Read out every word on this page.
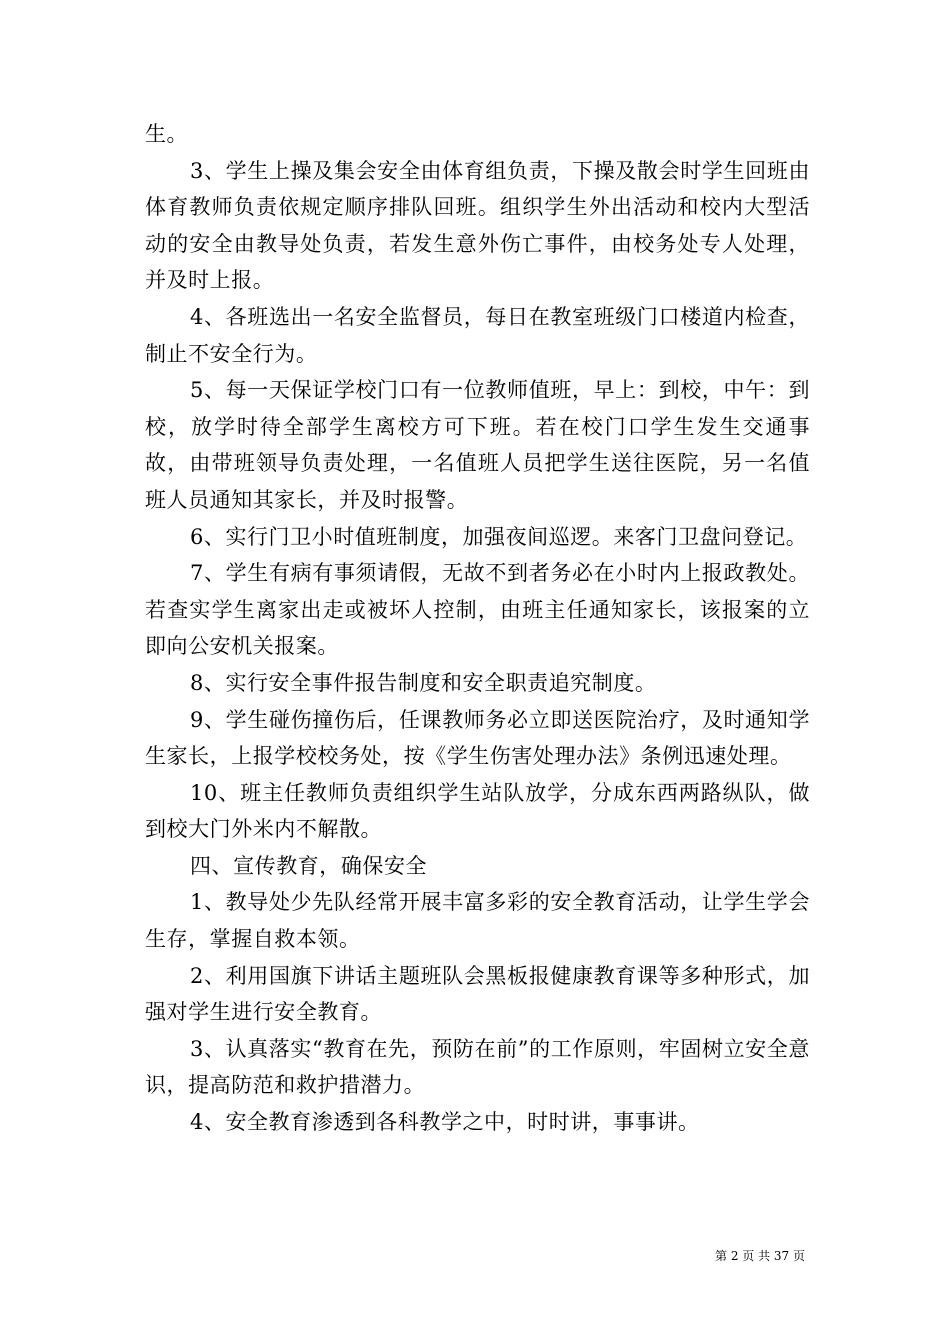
生。

3、学生上操及集会安全由体育组负责，下操及散会时学生回班由体育教师负责依规定顺序排队回班。组织学生外出活动和校内大型活动的安全由教导处负责，若发生意外伤亡事件，由校务处专人处理，并及时上报。

4、各班选出一名安全监督员，每日在教室班级门口楼道内检查，制止不安全行为。

5、每一天保证学校门口有一位教师值班，早上：到校，中午：到校，放学时待全部学生离校方可下班。若在校门口学生发生交通事故，由带班领导负责处理，一名值班人员把学生送往医院，另一名值班人员通知其家长，并及时报警。

6、实行门卫小时值班制度，加强夜间巡逻。来客门卫盘问登记。

7、学生有病有事须请假，无故不到者务必在小时内上报政教处。若查实学生离家出走或被坏人控制，由班主任通知家长，该报案的立即向公安机关报案。

8、实行安全事件报告制度和安全职责追究制度。

9、学生碰伤撞伤后，任课教师务必立即送医院治疗，及时通知学生家长，上报学校校务处，按《学生伤害处理办法》条例迅速处理。

10、班主任教师负责组织学生站队放学，分成东西两路纵队，做到校大门外米内不解散。

四、宣传教育，确保安全

1、教导处少先队经常开展丰富多彩的安全教育活动，让学生学会生存，掌握自救本领。

2、利用国旗下讲话主题班队会黑板报健康教育课等多种形式，加强对学生进行安全教育。

3、认真落实“教育在先，预防在前”的工作原则，牢固树立安全意识，提高防范和救护措潜力。

4、安全教育渗透到各科教学之中，时时讲，事事讲。

第 2 页 共 37 页
